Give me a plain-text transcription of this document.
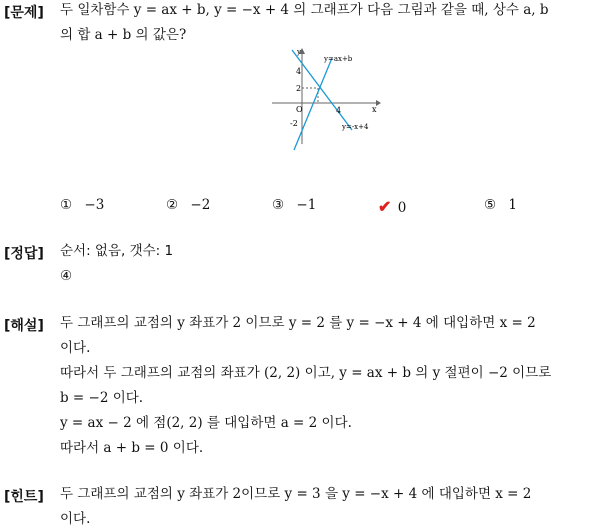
[문제] 두 일차함수 y = ax + b, y = −x + 4 의 그래프가 다음 그림과 같을 때, 상수 a, b
의 합 a + b 의 값은?
y
x
y=ax+b
y=-x+4
O
4
2
-2
4
① −3	② −2	③ −1	✔ 0	⑤ 1
[정답] 순서: 없음, 갯수: 1
④
[해설] 두 그래프의 교점의 y 좌표가 2 이므로 y = 2 를 y = −x + 4 에 대입하면 x = 2
이다.
따라서 두 그래프의 교점의 좌표가 (2, 2) 이고, y = ax + b 의 y 절편이 −2 이므로
b = −2 이다.
y = ax − 2 에 점(2, 2) 를 대입하면 a = 2 이다.
따라서 a + b = 0 이다.
[힌트] 두 그래프의 교점의 y 좌표가 2이므로 y = 3 을 y = −x + 4 에 대입하면 x = 2
이다.
